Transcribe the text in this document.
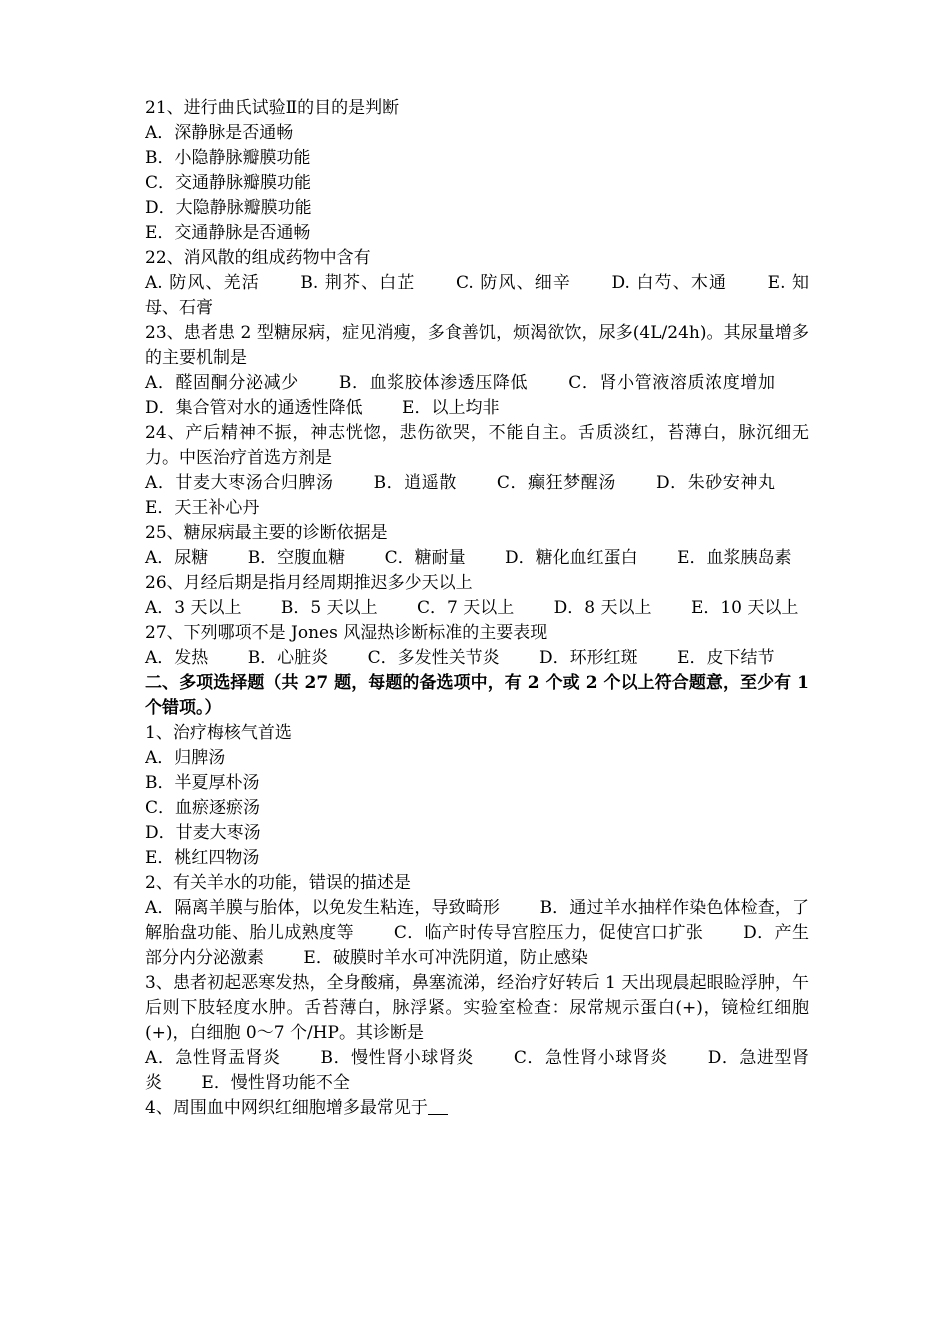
21、进行曲氏试验Ⅱ的目的是判断
A．深静脉是否通畅
B．小隐静脉瓣膜功能
C．交通静脉瓣膜功能
D．大隐静脉瓣膜功能
E．交通静脉是否通畅
22、消风散的组成药物中含有
A. 防风、羌活 B. 荆芥、白芷 C. 防风、细辛 D. 白芍、木通 E. 知母、石膏
23、患者患 2 型糖尿病，症见消瘦，多食善饥，烦渴欲饮，尿多(4L/24h)。其尿量增多的主要机制是
A．醛固酮分泌减少 B．血浆胶体渗透压降低 C．肾小管液溶质浓度增加 D．集合管对水的通透性降低 E．以上均非
24、产后精神不振，神志恍惚，悲伤欲哭，不能自主。舌质淡红，苔薄白，脉沉细无力。中医治疗首选方剂是
A．甘麦大枣汤合归脾汤 B．逍遥散 C．癫狂梦醒汤 D．朱砂安神丸 E．天王补心丹
25、糖尿病最主要的诊断依据是
A．尿糖 B．空腹血糖 C．糖耐量 D．糖化血红蛋白 E．血浆胰岛素
26、月经后期是指月经周期推迟多少天以上
A．3 天以上 B．5 天以上 C．7 天以上 D．8 天以上 E．10 天以上
27、下列哪项不是 Jones 风湿热诊断标准的主要表现
A．发热 B．心脏炎 C．多发性关节炎 D．环形红斑 E．皮下结节
二、多项选择题（共 27 题，每题的备选项中，有 2 个或 2 个以上符合题意，至少有 1 个错项。）
1、治疗梅核气首选
A．归脾汤
B．半夏厚朴汤
C．血瘀逐瘀汤
D．甘麦大枣汤
E．桃红四物汤
2、有关羊水的功能，错误的描述是
A．隔离羊膜与胎体，以免发生粘连，导致畸形 B．通过羊水抽样作染色体检查，了解胎盘功能、胎儿成熟度等 C．临产时传导宫腔压力，促使宫口扩张 D．产生部分内分泌激素 E．破膜时羊水可冲洗阴道，防止感染
3、患者初起恶寒发热，全身酸痛，鼻塞流涕，经治疗好转后 1 天出现晨起眼睑浮肿，午后则下肢轻度水肿。舌苔薄白，脉浮紧。实验室检查：尿常规示蛋白(+)，镜检红细胞(+)，白细胞 0～7 个/HP。其诊断是
A．急性肾盂肾炎 B．慢性肾小球肾炎 C．急性肾小球肾炎 D．急进型肾炎 E．慢性肾功能不全
4、周围血中网织红细胞增多最常见于
